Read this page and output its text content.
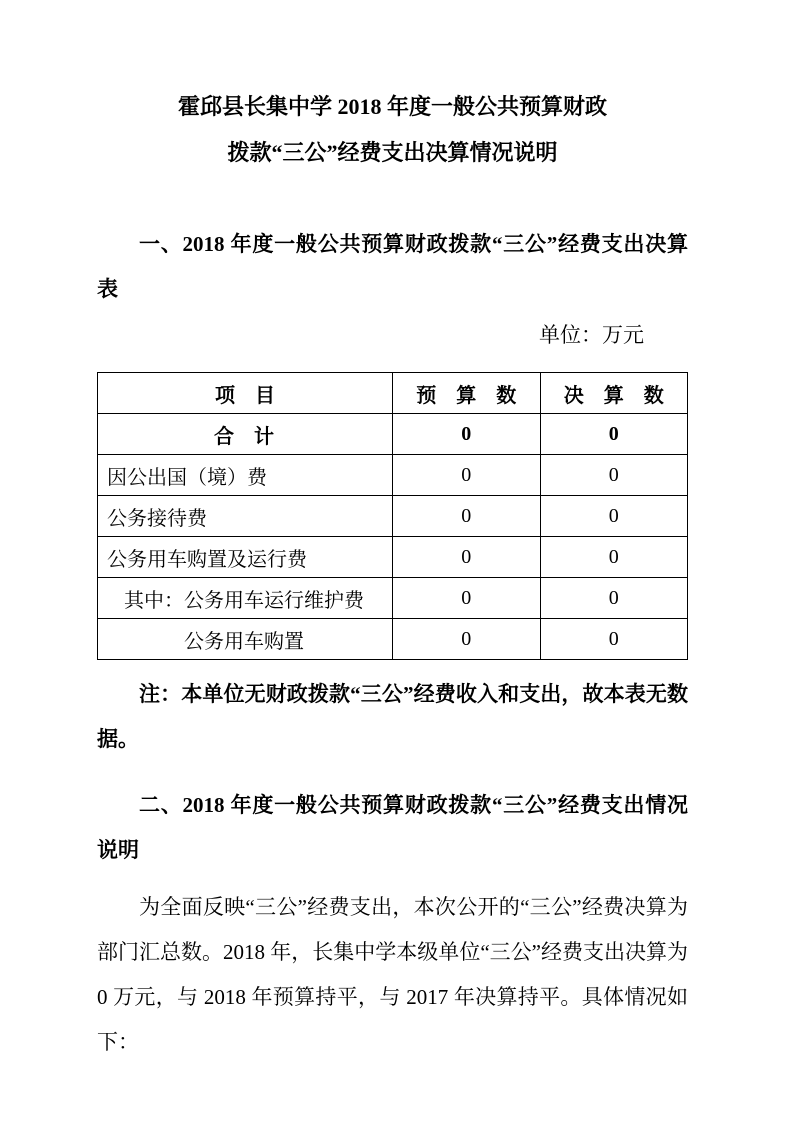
霍邱县长集中学 2018 年度一般公共预算财政
拨款“三公”经费支出决算情况说明
一、2018 年度一般公共预算财政拨款“三公”经费支出决算表
单位：万元
项　目	预　算　数	决　算　数
合　计	0	0
因公出国（境）费	0	0
公务接待费	0	0
公务用车购置及运行费	0	0
其中：公务用车运行维护费	0	0
公务用车购置	0	0

注：本单位无财政拨款“三公”经费收入和支出，故本表无数据。

二、2018 年度一般公共预算财政拨款“三公”经费支出情况说明

为全面反映“三公”经费支出，本次公开的“三公”经费决算为部门汇总数。2018 年，长集中学本级单位“三公”经费支出决算为 0 万元，与 2018 年预算持平，与 2017 年决算持平。具体情况如下：
